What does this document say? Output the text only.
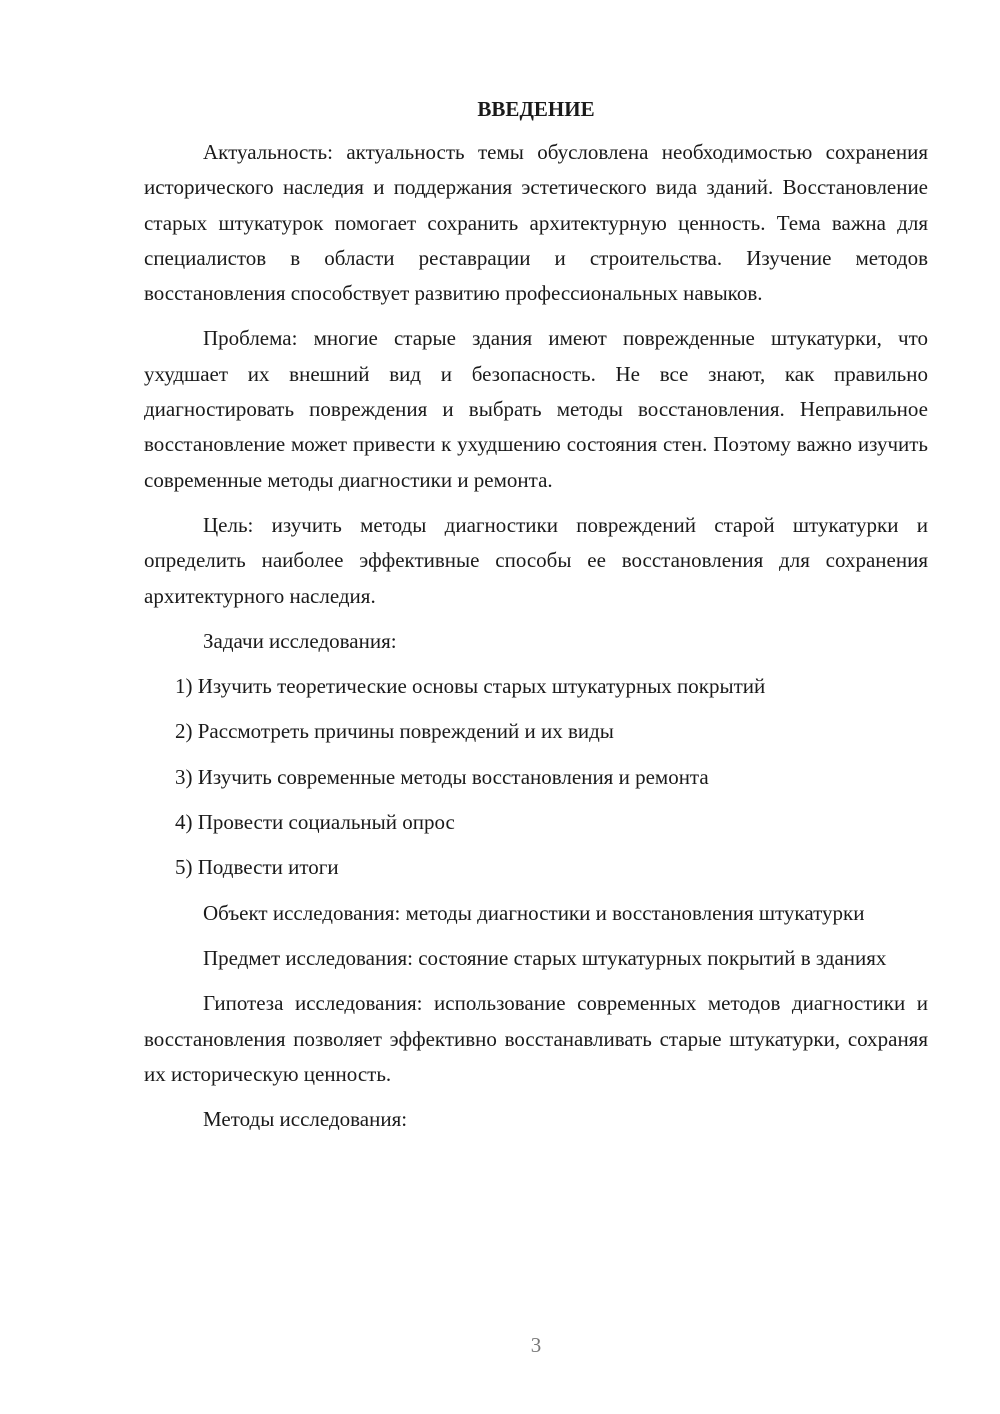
ВВЕДЕНИЕ

Актуальность: актуальность темы обусловлена необходимостью сохранения исторического наследия и поддержания эстетического вида зданий. Восстановление старых штукатурок помогает сохранить архитектурную ценность. Тема важна для специалистов в области реставрации и строительства. Изучение методов восстановления способствует развитию профессиональных навыков.

Проблема: многие старые здания имеют поврежденные штукатурки, что ухудшает их внешний вид и безопасность. Не все знают, как правильно диагностировать повреждения и выбрать методы восстановления. Неправильное восстановление может привести к ухудшению состояния стен. Поэтому важно изучить современные методы диагностики и ремонта.

Цель: изучить методы диагностики повреждений старой штукатурки и определить наиболее эффективные способы ее восстановления для сохранения архитектурного наследия.

Задачи исследования:

1) Изучить теоретические основы старых штукатурных покрытий
2) Рассмотреть причины повреждений и их виды
3) Изучить современные методы восстановления и ремонта
4) Провести социальный опрос
5) Подвести итоги

Объект исследования: методы диагностики и восстановления штукатурки

Предмет исследования: состояние старых штукатурных покрытий в зданиях

Гипотеза исследования: использование современных методов диагностики и восстановления позволяет эффективно восстанавливать старые штукатурки, сохраняя их историческую ценность.

Методы исследования:

3
